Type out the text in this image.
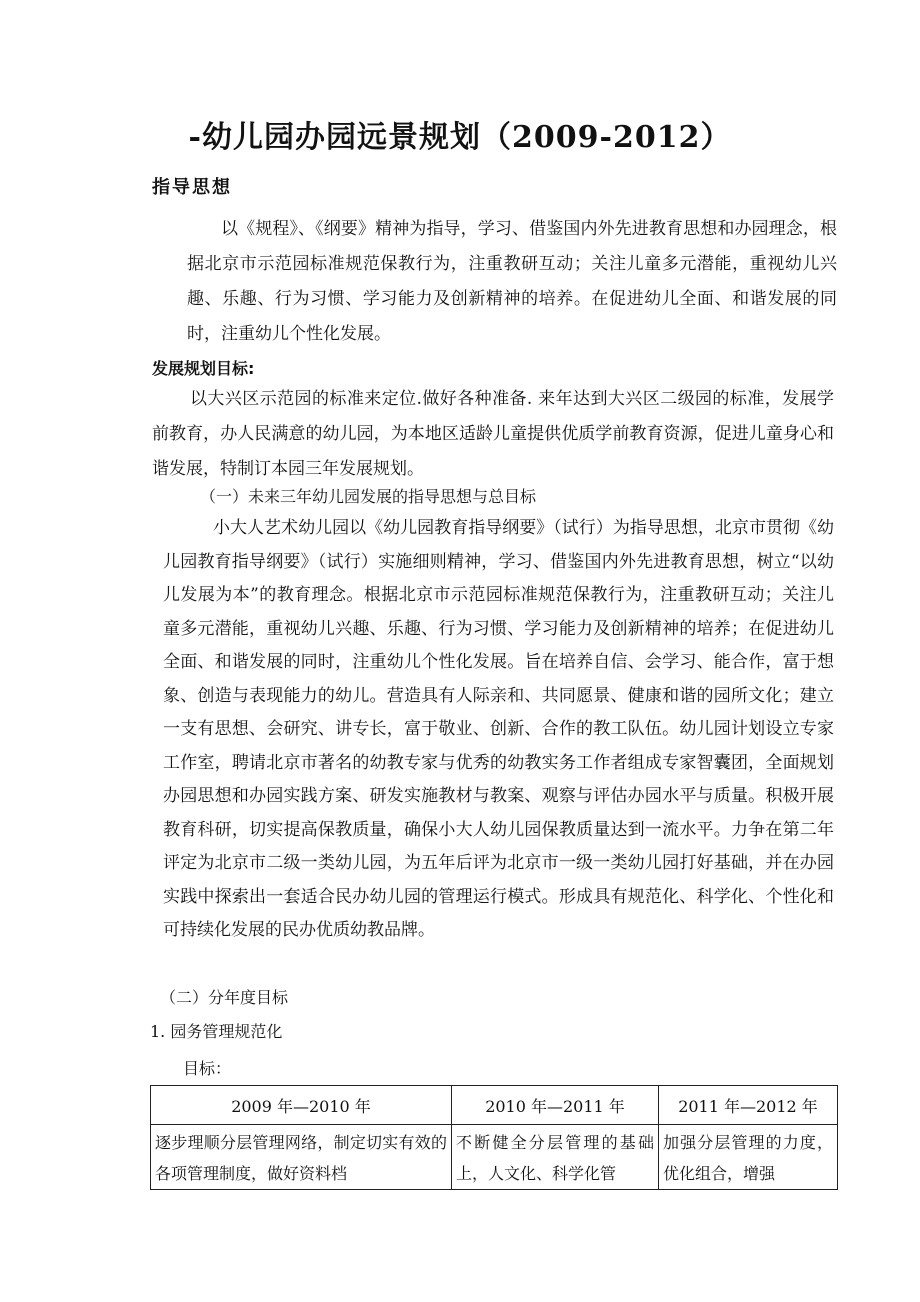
-幼儿园办园远景规划（2009-2012）
指导思想

以《规程》、《纲要》精神为指导，学习、借鉴国内外先进教育思想和办园理念，根据北京市示范园标准规范保教行为，注重教研互动；关注儿童多元潜能，重视幼儿兴趣、乐趣、行为习惯、学习能力及创新精神的培养。在促进幼儿全面、和谐发展的同时，注重幼儿个性化发展。

发展规划目标:

以大兴区示范园的标准来定位.做好各种准备. 来年达到大兴区二级园的标准，发展学前教育，办人民满意的幼儿园，为本地区适龄儿童提供优质学前教育资源，促进儿童身心和谐发展，特制订本园三年发展规划。

（一）未来三年幼儿园发展的指导思想与总目标

小大人艺术幼儿园以《幼儿园教育指导纲要》（试行）为指导思想，北京市贯彻《幼儿园教育指导纲要》（试行）实施细则精神，学习、借鉴国内外先进教育思想，树立“以幼儿发展为本”的教育理念。根据北京市示范园标准规范保教行为，注重教研互动；关注儿童多元潜能，重视幼儿兴趣、乐趣、行为习惯、学习能力及创新精神的培养；在促进幼儿全面、和谐发展的同时，注重幼儿个性化发展。旨在培养自信、会学习、能合作，富于想象、创造与表现能力的幼儿。营造具有人际亲和、共同愿景、健康和谐的园所文化；建立一支有思想、会研究、讲专长，富于敬业、创新、合作的教工队伍。幼儿园计划设立专家工作室，聘请北京市著名的幼教专家与优秀的幼教实务工作者组成专家智囊团，全面规划办园思想和办园实践方案、研发实施教材与教案、观察与评估办园水平与质量。积极开展教育科研，切实提高保教质量，确保小大人幼儿园保教质量达到一流水平。力争在第二年评定为北京市二级一类幼儿园，为五年后评为北京市一级一类幼儿园打好基础，并在办园实践中探索出一套适合民办幼儿园的管理运行模式。形成具有规范化、科学化、个性化和可持续化发展的民办优质幼教品牌。

（二）分年度目标

1. 园务管理规范化

目标：

2009 年—2010 年	2010 年—2011 年	2011 年—2012 年
逐步理顺分层管理网络，制定切实有效的各项管理制度，做好资料档	不断健全分层管理的基础上，人文化、科学化管	加强分层管理的力度，优化组合，增强
